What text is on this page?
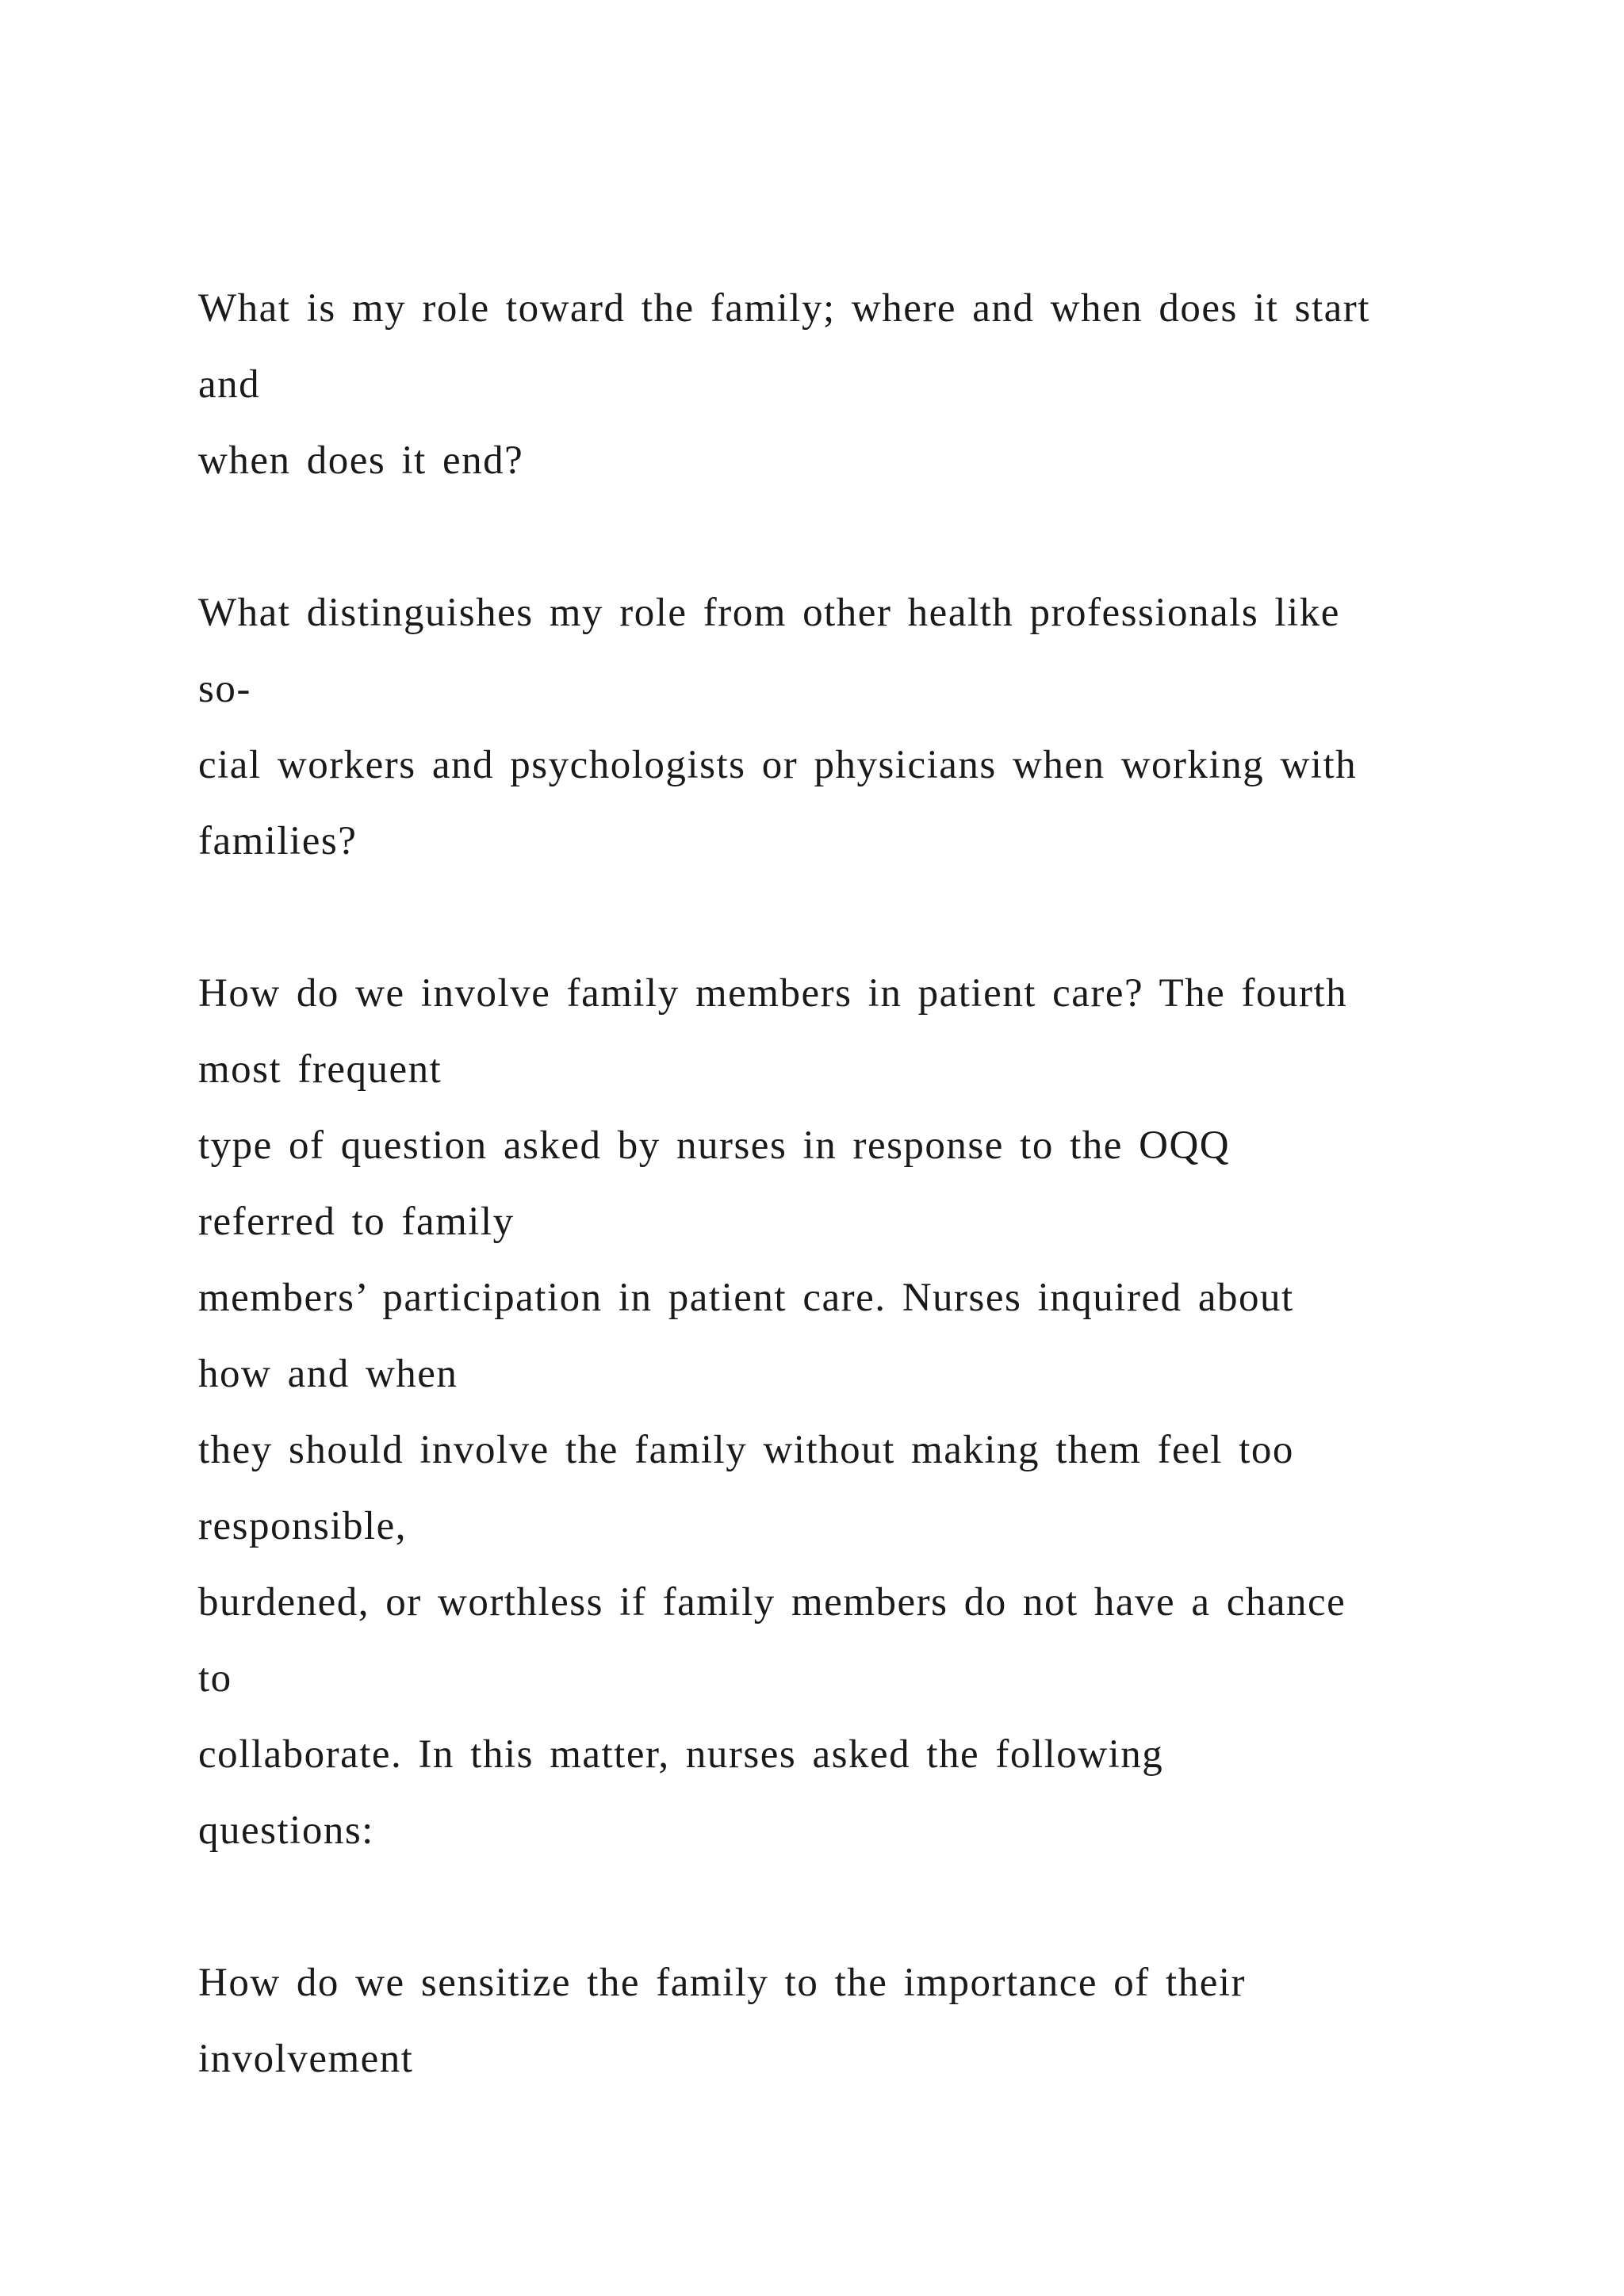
What is my role toward the family; where and when does it start
and
when does it end?
What distinguishes my role from other health professionals like
so-
cial workers and psychologists or physicians when working with
families?
How do we involve family members in patient care? The fourth
most frequent
type of question asked by nurses in response to the OQQ
referred to family
members’ participation in patient care. Nurses inquired about
how and when
they should involve the family without making them feel too
responsible,
burdened, or worthless if family members do not have a chance
to
collaborate. In this matter, nurses asked the following
questions:
How do we sensitize the family to the importance of their
involvement
